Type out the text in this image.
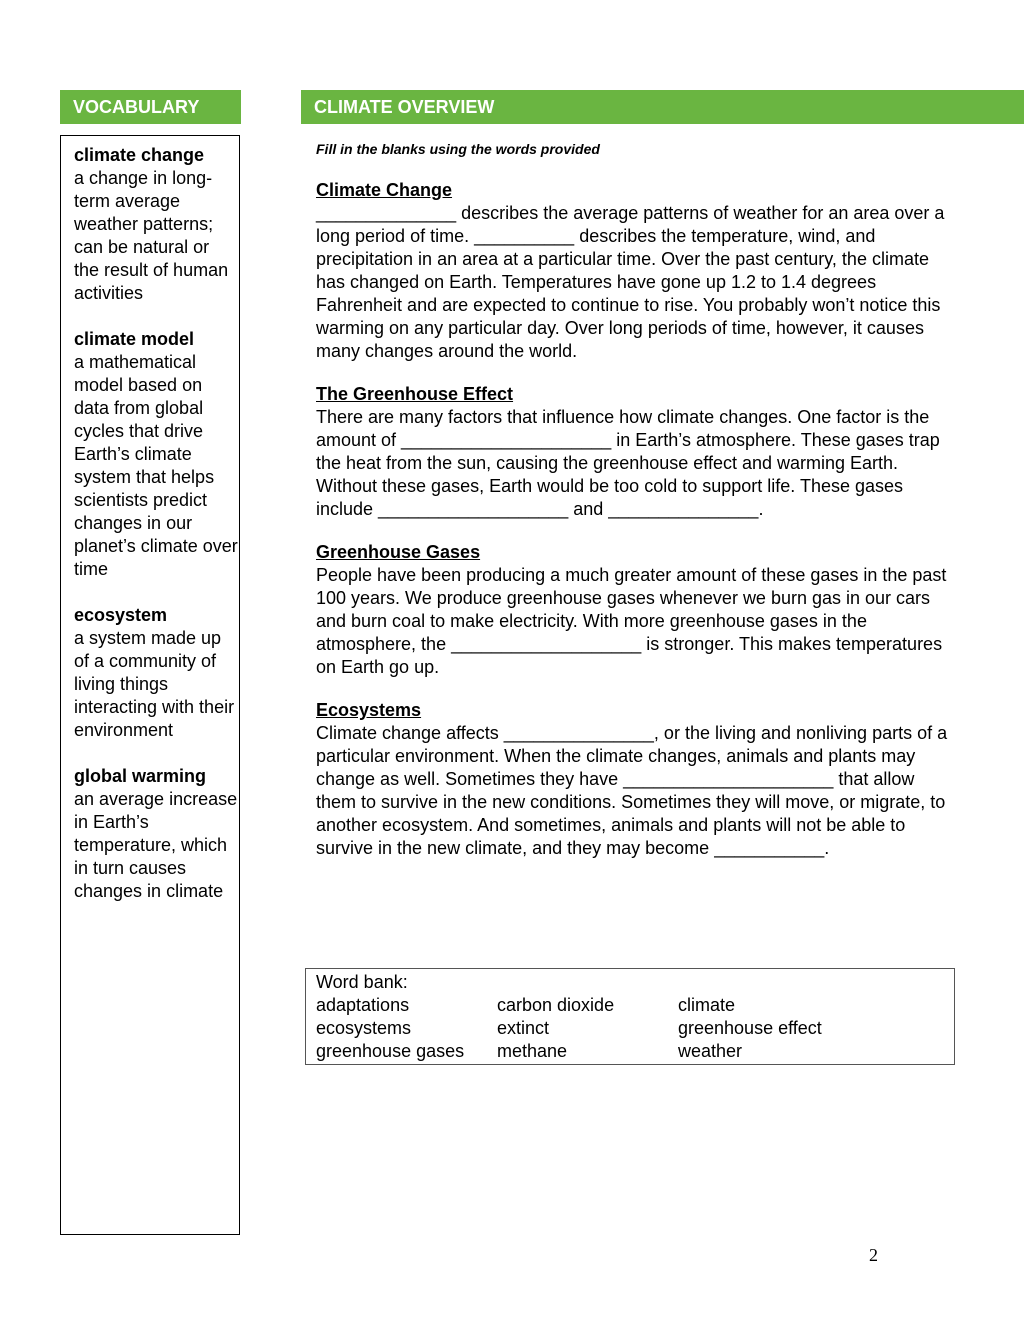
VOCABULARY	CLIMATE OVERVIEW
climate change
a change in long-term average weather patterns; can be natural or the result of human activities
climate model
a mathematical model based on data from global cycles that drive Earth’s climate system that helps scientists predict changes in our planet’s climate over time
ecosystem
a system made up of a community of living things interacting with their environment
global warming
an average increase in Earth’s temperature, which in turn causes changes in climate
Fill in the blanks using the words provided
Climate Change

______________ describes the average patterns of weather for an area over a long period of time. __________ describes the temperature, wind, and precipitation in an area at a particular time. Over the past century, the climate has changed on Earth. Temperatures have gone up 1.2 to 1.4 degrees Fahrenheit and are expected to continue to rise. You probably won’t notice this warming on any particular day. Over long periods of time, however, it causes many changes around the world.

The Greenhouse Effect

There are many factors that influence how climate changes. One factor is the amount of _____________________ in Earth’s atmosphere. These gases trap the heat from the sun, causing the greenhouse effect and warming Earth. Without these gases, Earth would be too cold to support life. These gases include ___________________ and _______________.

Greenhouse Gases

People have been producing a much greater amount of these gases in the past 100 years. We produce greenhouse gases whenever we burn gas in our cars and burn coal to make electricity. With more greenhouse gases in the atmosphere, the ___________________ is stronger. This makes temperatures on Earth go up.

Ecosystems

Climate change affects _______________, or the living and nonliving parts of a particular environment. When the climate changes, animals and plants may change as well. Sometimes they have _____________________ that allow them to survive in the new conditions. Sometimes they will move, or migrate, to another ecosystem. And sometimes, animals and plants will not be able to survive in the new climate, and they may become ___________.

Word bank:
adaptations	carbon dioxide	climate
ecosystems	extinct	greenhouse effect
greenhouse gases	methane	weather
2
